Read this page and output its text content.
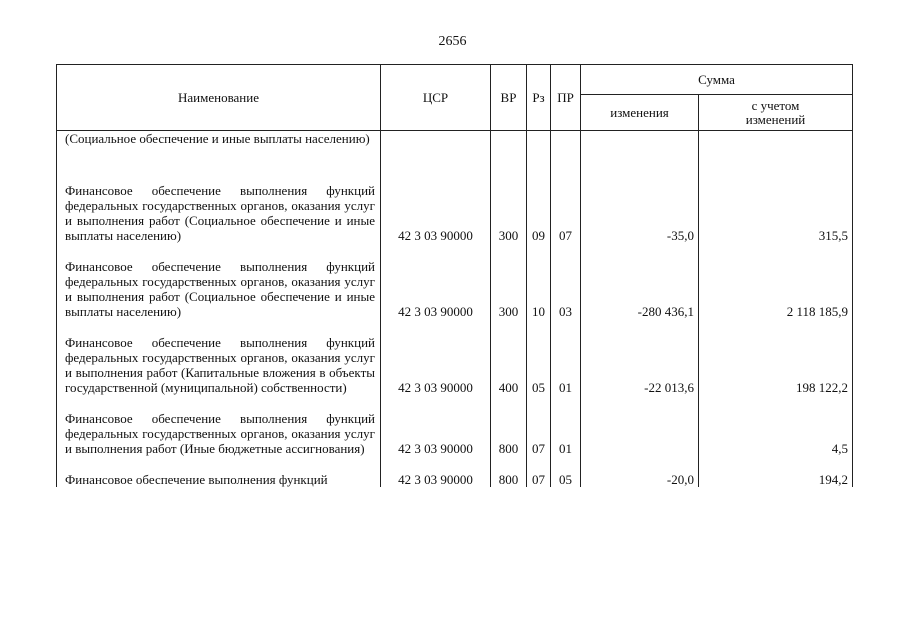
2656
Наименование	ЦСР	ВР	Рз	ПР	Сумма	
					изменения	с учетом изменений
(Социальное обеспечение и иные выплаты населению)						

Финансовое обеспечение выполнения функций федеральных государственных органов, оказания услуг и выполнения работ (Социальное обеспечение и иные выплаты населению)	42 3 03 90000	300	09	07	-35,0	315,5

Финансовое обеспечение выполнения функций федеральных государственных органов, оказания услуг и выполнения работ (Социальное обеспечение и иные выплаты населению)	42 3 03 90000	300	10	03	-280 436,1	2 118 185,9

Финансовое обеспечение выполнения функций федеральных государственных органов, оказания услуг и выполнения работ (Капитальные вложения в объекты государственной (муниципальной) собственности)	42 3 03 90000	400	05	01	-22 013,6	198 122,2

Финансовое обеспечение выполнения функций федеральных государственных органов, оказания услуг и выполнения работ (Иные бюджетные ассигнования)	42 3 03 90000	800	07	01		4,5

Финансовое обеспечение выполнения функций	42 3 03 90000	800	07	05	-20,0	194,2
